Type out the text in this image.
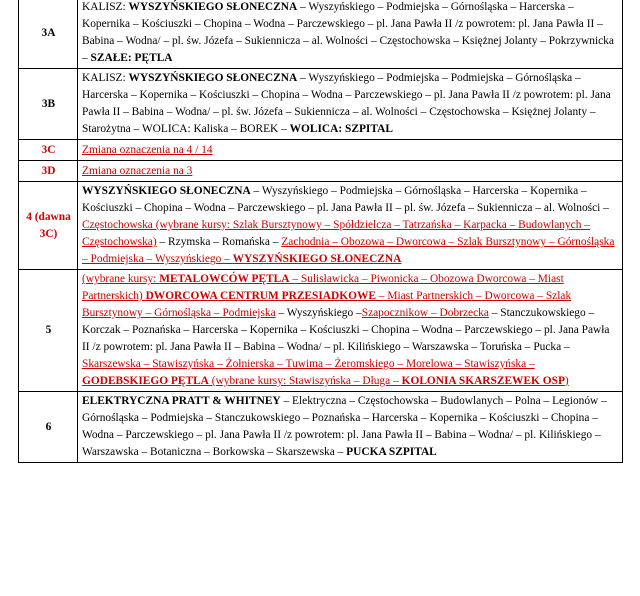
3A	KALISZ: WYSZYŃSKIEGO SŁONECZNA – Wyszyńskiego – Podmiejska – Górnośląska – Harcerska – Kopernika – Kościuszki – Chopina – Wodna – Parczewskiego – pl. Jana Pawła II /z powrotem: pl. Jana Pawła II – Babina – Wodna/ – pl. św. Józefa – Sukiennicza – al. Wolności – Częstochowska – Księżnej Jolanty – Pokrzywnicka – SZAŁE: PĘTLA
3B	KALISZ: WYSZYŃSKIEGO SŁONECZNA – Wyszyńskiego – Podmiejska – Podmiejska – Górnośląska – Harcerska – Kopernika – Kościuszki – Chopina – Wodna – Parczewskiego – pl. Jana Pawła II /z powrotem: pl. Jana Pawła II – Babina – Wodna/ – pl. św. Józefa – Sukiennicza – al. Wolności – Częstochowska – Księżnej Jolanty – Starożytna – WOLICA: Kaliska – BOREK – WOLICA: SZPITAL
3C	Zmiana oznaczenia na 4 / 14
3D	Zmiana oznaczenia na 3
4 (dawna 3C)	WYSZYŃSKIEGO SŁONECZNA – Wyszyńskiego – Podmiejska – Górnośląska – Harcerska – Kopernika – Kościuszki – Chopina – Wodna – Parczewskiego – pl. Jana Pawła II – pl. św. Józefa – Sukiennicza – al. Wolności – Częstochowska (wybrane kursy: Szlak Bursztynowy – Spółdzielcza – Tatrzańska – Karpacka – Budowlanych – Częstochowska) – Rzymska – Romańska – Zachodnia – Obozowa – Dworcowa – Szlak Bursztynowy – Górnośląska – Podmiejska – Wyszyńskiego – WYSZYŃSKIEGO SŁONECZNA
5	(wybrane kursy: METALOWCÓW PĘTLA – Sulisławicka – Piwonicka – Obozowa Dworcowa – Miast Partnerskich) DWORCOWA CENTRUM PRZESIADKOWE – Miast Partnerskich – Dworcowa – Szlak Bursztynowy – Górnośląska – Podmiejska – Wyszyńskiego –Szapocznikow – Dobrzecka – Stanczukowskiego – Korczak – Poznańska – Harcerska – Kopernika – Kościuszki – Chopina – Wodna – Parczewskiego – pl. Jana Pawła II /z powrotem: pl. Jana Pawła II – Babina – Wodna/ – pl. Kilińskiego – Warszawska – Toruńska – Pucka – Skarszewska – Stawiszyńska – Żołnierska – Tuwima – Żeromskiego – Morelowa – Stawiszyńska – GODEBSKIEGO PĘTLA (wybrane kursy: Stawiszyńska – Długa – KOLONIA SKARSZEWEK OSP)
6	ELEKTRYCZNA PRATT & WHITNEY – Elektryczna – Częstochowska – Budowlanych – Polna – Legionów – Górnośląska – Podmiejska – Stanczukowskiego – Poznańska – Harcerska – Kopernika – Kościuszki – Chopina – Wodna – Parczewskiego – pl. Jana Pawła II /z powrotem: pl. Jana Pawła II – Babina – Wodna/ – pl. Kilińskiego – Warszawska – Botaniczna – Borkowska – Skarszewska – PUCKA SZPITAL
